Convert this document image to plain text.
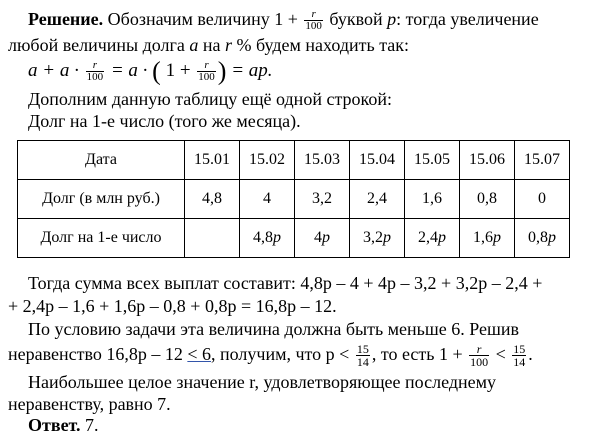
Решение. Обозначим величину $1 + \frac{r}{100}$ буквой p: тогда увеличение
любой величины долга a на r % будем находить так:
$a + a \cdot \frac{r}{100} = a$ · ( $1 + \frac{r}{100}$ ) = ap.
Дополним данную таблицу ещё одной строкой:
Долг на 1-е число (того же месяца).
Дата	15.01	15.02	15.03	15.04	15.05	15.06	15.07
Долг (в млн руб.)	4,8	4	3,2	2,4	1,6	0,8	0
Долг на 1-е число		4,8p	4p	3,2p	2,4p	1,6p	0,8p
Тогда сумма всех выплат составит: 4,8p – 4 + 4p – 3,2 + 3,2p – 2,4 +
+ 2,4p – 1,6 + 1,6p – 0,8 + 0,8p = 16,8p – 12.
По условию задачи эта величина должна быть меньше 6. Решив
неравенство 16,8p – 12 < 6, получим, что $p < \frac{15}{14}$ , то есть $1 + \frac{r}{100} < \frac{15}{14}$ .
Наибольшее целое значение r, удовлетворяющее последнему
неравенству, равно 7.
Ответ. 7.
